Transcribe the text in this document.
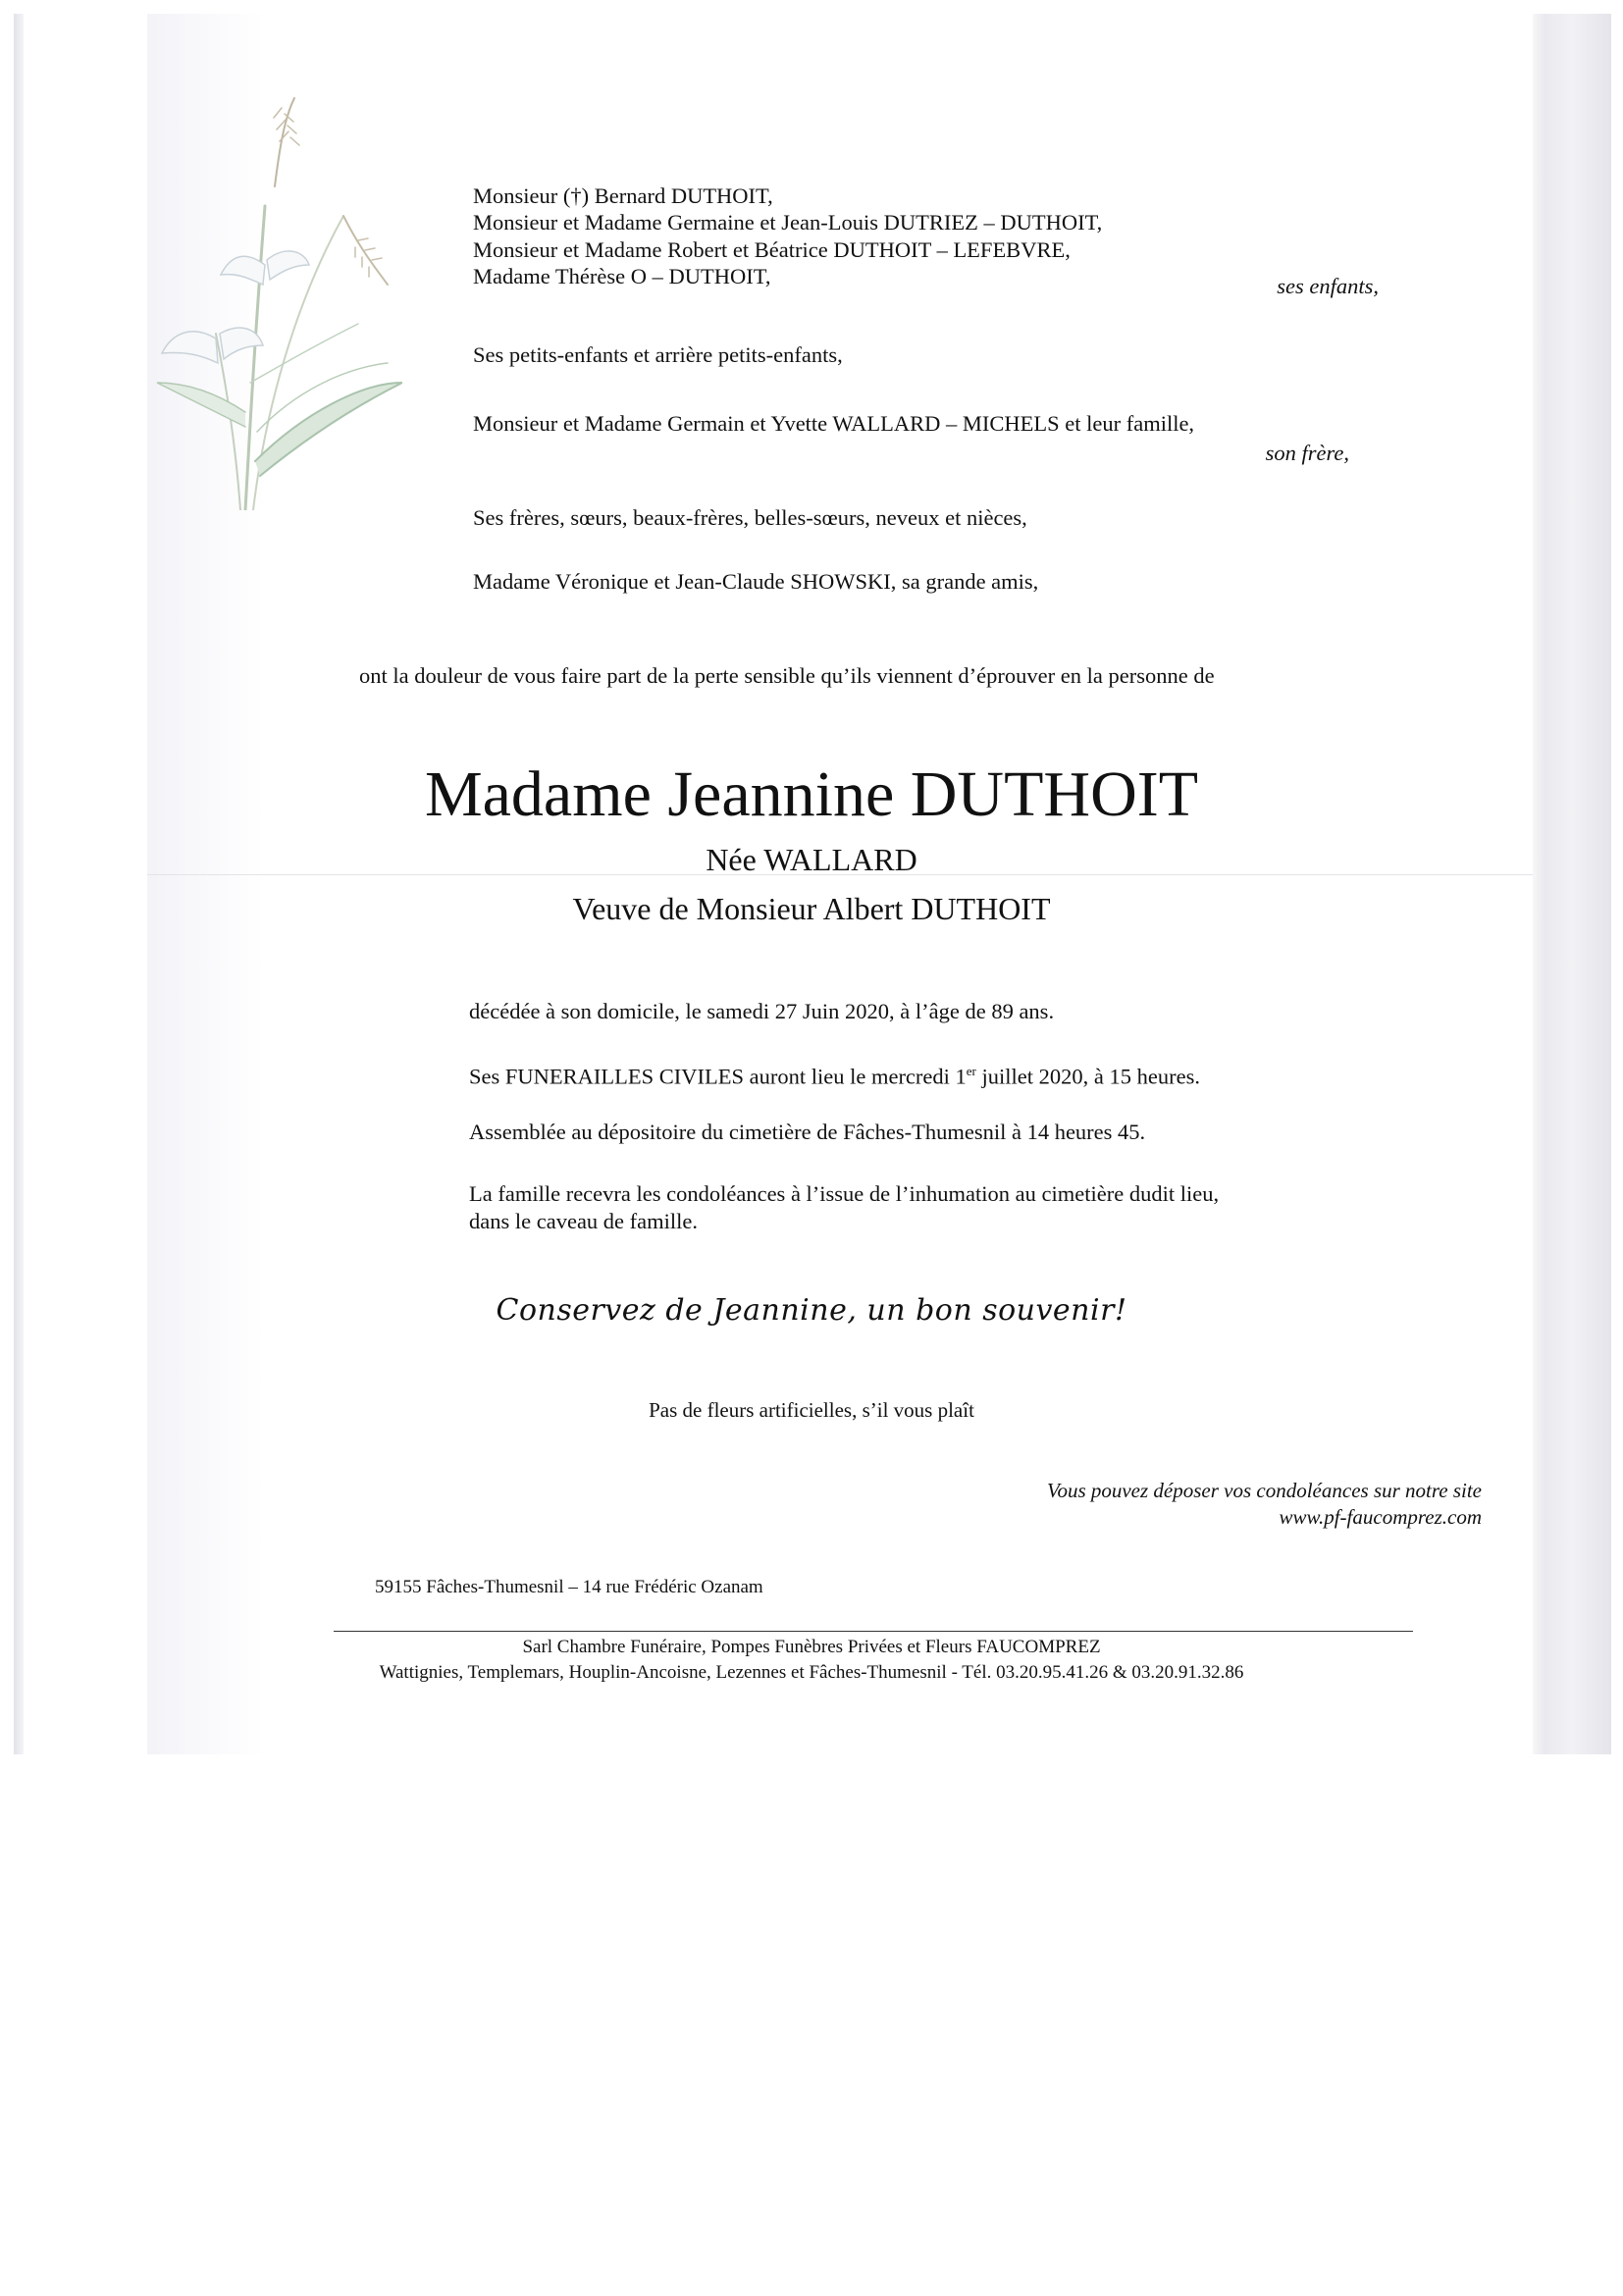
Monsieur (†) Bernard DUTHOIT,

Monsieur et Madame Germaine et Jean-Louis DUTRIEZ – DUTHOIT,

Monsieur et Madame Robert et Béatrice DUTHOIT – LEFEBVRE,

Madame Thérèse O – DUTHOIT,	ses enfants,

Ses petits-enfants et arrière petits-enfants,

Monsieur et Madame Germain et Yvette WALLARD – MICHELS et leur famille,

son frère,

Ses frères, sœurs, beaux-frères, belles-sœurs, neveux et nièces,

Madame Véronique et Jean-Claude SHOWSKI, sa grande amis,

ont la douleur de vous faire part de la perte sensible qu’ils viennent d’éprouver en la personne de

Madame Jeannine DUTHOIT
Née WALLARD
Veuve de Monsieur Albert DUTHOIT

décédée à son domicile, le samedi 27 Juin 2020, à l’âge de 89 ans.

Ses FUNERAILLES CIVILES auront lieu le mercredi 1er juillet 2020, à 15 heures.

Assemblée au dépositoire du cimetière de Fâches-Thumesnil à 14 heures 45.

La famille recevra les condoléances à l’issue de l’inhumation au cimetière dudit lieu,

dans le caveau de famille.

Conservez de Jeannine, un bon souvenir!

Pas de fleurs artificielles, s’il vous plaît

Vous pouvez déposer vos condoléances sur notre site

www.pf-faucomprez.com

59155 Fâches-Thumesnil – 14 rue Frédéric Ozanam

Sarl Chambre Funéraire, Pompes Funèbres Privées et Fleurs FAUCOMPREZ

Wattignies, Templemars, Houplin-Ancoisne, Lezennes et Fâches-Thumesnil - Tél. 03.20.95.41.26 & 03.20.91.32.86
